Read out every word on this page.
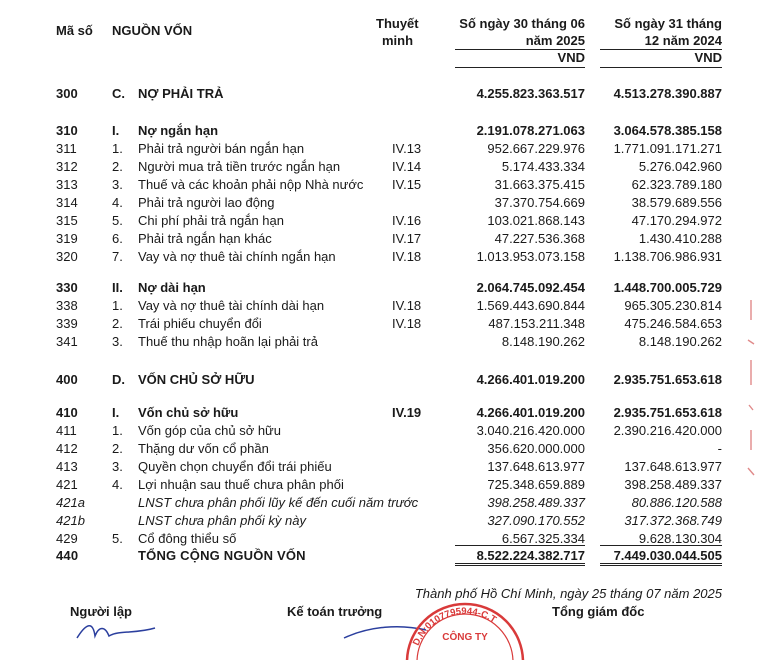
Mã số NGUỒN VỐN	Thuyết
minh
Số ngày 30 tháng 06
năm 2025
Số ngày 31 tháng
12 năm 2024
VND	VND
300	C.	NỢ PHẢI TRẢ	4.255.823.363.517 4.513.278.390.887
310	I.	Nợ ngắn hạn	2.191.078.271.063 3.064.578.385.158
311	1.	Phải trả người bán ngắn hạn	IV.13	952.667.229.976 1.771.091.171.271
312	2.	Người mua trả tiền trước ngắn hạn	IV.14	5.174.433.334	5.276.042.960
313	3.	Thuế và các khoản phải nộp Nhà nước IV.15	31.663.375.415	62.323.789.180
314	4.	Phải trả người lao động	37.370.754.669	38.579.689.556
315	5.	Chi phí phải trả ngắn hạn	IV.16	103.021.868.143	47.170.294.972
319	6.	Phải trả ngắn hạn khác	IV.17	47.227.536.368	1.430.410.288
320	7.	Vay và nợ thuê tài chính ngắn hạn	IV.18	1.013.953.073.158 1.138.706.986.931
330	II.	Nợ dài hạn	2.064.745.092.454 1.448.700.005.729
338	1.	Vay và nợ thuê tài chính dài hạn	IV.18	1.569.443.690.844	965.305.230.814
339	2.	Trái phiếu chuyển đổi	IV.18	487.153.211.348	475.246.584.653
341	3.	Thuế thu nhập hoãn lại phải trả	8.148.190.262	8.148.190.262
400	D.	VỐN CHỦ SỞ HỮU	4.266.401.019.200 2.935.751.653.618
410	I.	Vốn chủ sở hữu	IV.19	4.266.401.019.200 2.935.751.653.618
411	1.	Vốn góp của chủ sở hữu	3.040.216.420.000 2.390.216.420.000
412	2.	Thặng dư vốn cổ phần	356.620.000.000	-
413	3.	Quyền chọn chuyển đổi trái phiếu	137.648.613.977	137.648.613.977
421	4.	Lợi nhuận sau thuế chưa phân phối	725.348.659.889	398.258.489.337
421a	LNST chưa phân phối lũy kế đến cuối năm trước	398.258.489.337	80.886.120.588
421b	LNST chưa phân phối kỳ này	327.090.170.552	317.372.368.749
429	5.	Cổ đông thiểu số	6.567.325.334	9.628.130.304
440	TỔNG CỘNG NGUỒN VỐN	8.522.224.382.717 7.449.030.044.505
Thành phố Hồ Chí Minh, ngày 25 tháng 07 năm 2025
Người lập	Kế toán trưởng	Tổng giám đốc
D.N:0107795944-C.T
CÔNG TY
